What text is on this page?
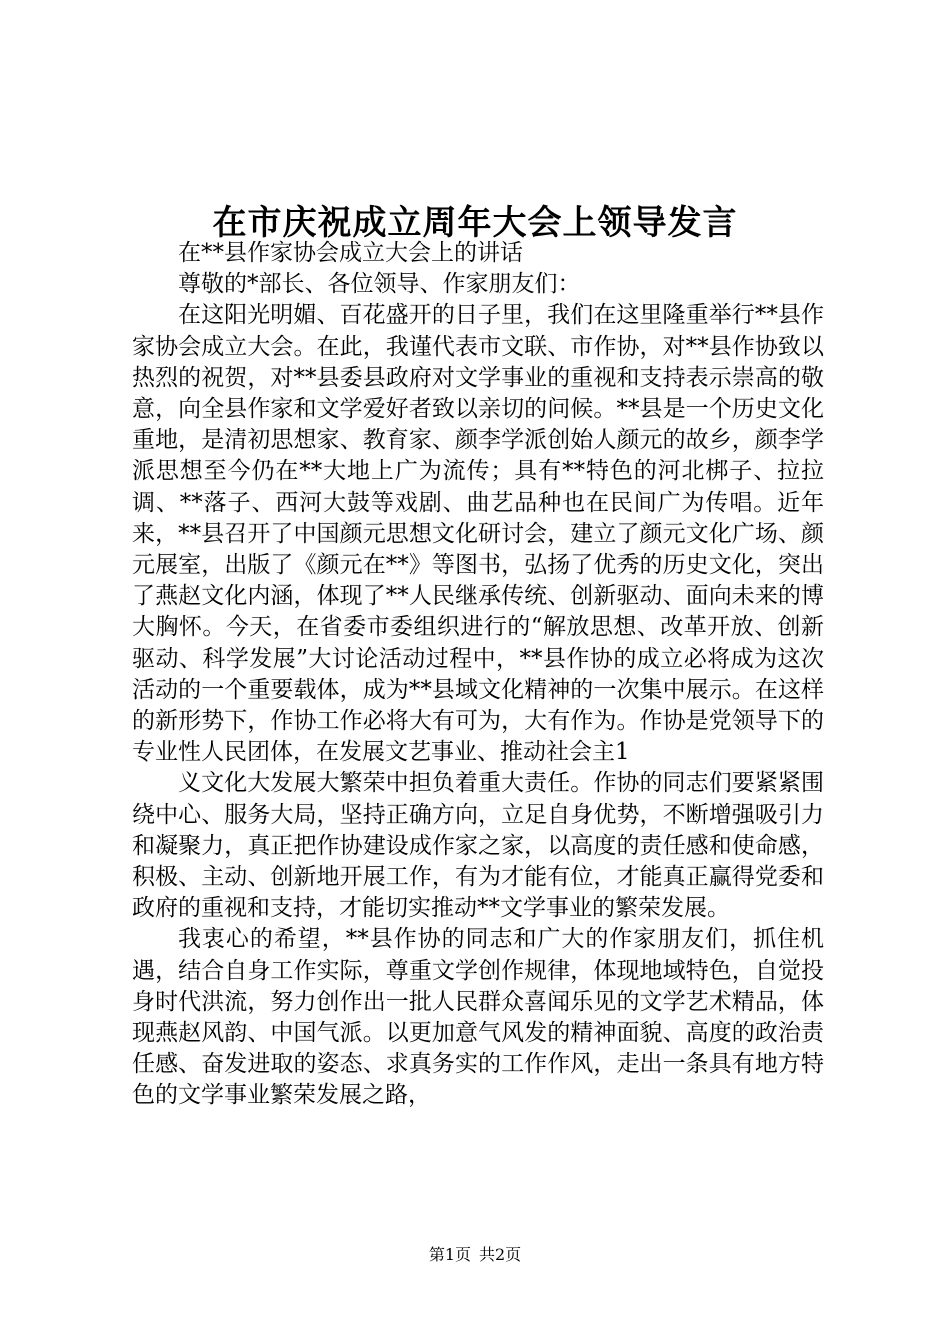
在市庆祝成立周年大会上领导发言

在**县作家协会成立大会上的讲话

尊敬的*部长、各位领导、作家朋友们：

在这阳光明媚、百花盛开的日子里，我们在这里隆重举行**县作家协会成立大会。在此，我谨代表市文联、市作协，对**县作协致以热烈的祝贺，对**县委县政府对文学事业的重视和支持表示崇高的敬意，向全县作家和文学爱好者致以亲切的问候。**县是一个历史文化重地，是清初思想家、教育家、颜李学派创始人颜元的故乡，颜李学派思想至今仍在**大地上广为流传；具有**特色的河北梆子、拉拉调、**落子、西河大鼓等戏剧、曲艺品种也在民间广为传唱。近年来，**县召开了中国颜元思想文化研讨会，建立了颜元文化广场、颜元展室，出版了《颜元在**》等图书，弘扬了优秀的历史文化，突出了燕赵文化内涵，体现了**人民继承传统、创新驱动、面向未来的博大胸怀。今天，在省委市委组织进行的“解放思想、改革开放、创新驱动、科学发展”大讨论活动过程中，**县作协的成立必将成为这次活动的一个重要载体，成为**县域文化精神的一次集中展示。在这样的新形势下，作协工作必将大有可为，大有作为。作协是党领导下的专业性人民团体，在发展文艺事业、推动社会主1

义文化大发展大繁荣中担负着重大责任。作协的同志们要紧紧围绕中心、服务大局，坚持正确方向，立足自身优势，不断增强吸引力和凝聚力，真正把作协建设成作家之家，以高度的责任感和使命感，积极、主动、创新地开展工作，有为才能有位，才能真正赢得党委和政府的重视和支持，才能切实推动**文学事业的繁荣发展。

我衷心的希望，**县作协的同志和广大的作家朋友们，抓住机遇，结合自身工作实际，尊重文学创作规律，体现地域特色，自觉投身时代洪流，努力创作出一批人民群众喜闻乐见的文学艺术精品，体现燕赵风韵、中国气派。以更加意气风发的精神面貌、高度的政治责任感、奋发进取的姿态、求真务实的工作作风，走出一条具有地方特色的文学事业繁荣发展之路，

第1页 共2页
